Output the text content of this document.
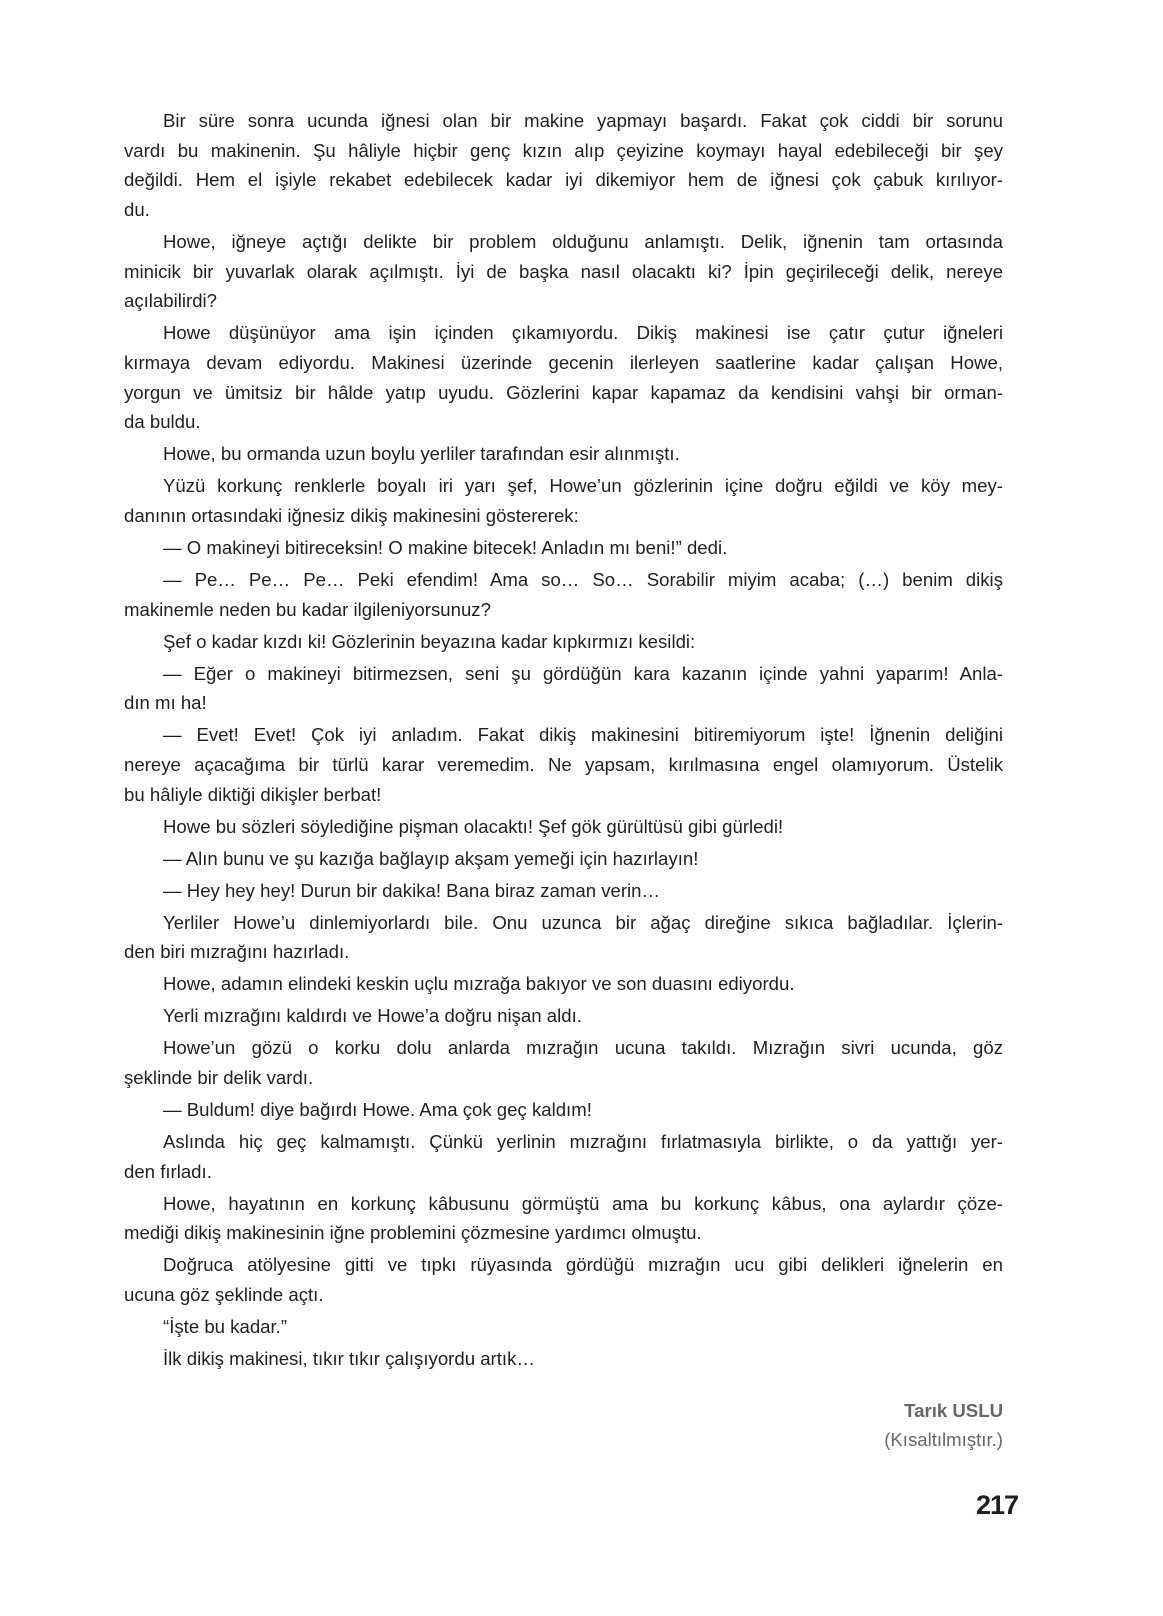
Bir süre sonra ucunda iğnesi olan bir makine yapmayı başardı. Fakat çok ciddi bir sorunu
vardı bu makinenin. Şu hâliyle hiçbir genç kızın alıp çeyizine koymayı hayal edebileceği bir şey
değildi. Hem el işiyle rekabet edebilecek kadar iyi dikemiyor hem de iğnesi çok çabuk kırılıyor-
du.
Howe, iğneye açtığı delikte bir problem olduğunu anlamıştı. Delik, iğnenin tam ortasında
minicik bir yuvarlak olarak açılmıştı. İyi de başka nasıl olacaktı ki? İpin geçirileceği delik, nereye
açılabilirdi?
Howe düşünüyor ama işin içinden çıkamıyordu. Dikiş makinesi ise çatır çutur iğneleri
kırmaya devam ediyordu. Makinesi üzerinde gecenin ilerleyen saatlerine kadar çalışan Howe,
yorgun ve ümitsiz bir hâlde yatıp uyudu. Gözlerini kapar kapamaz da kendisini vahşi bir orman-
da buldu.
Howe, bu ormanda uzun boylu yerliler tarafından esir alınmıştı.
Yüzü korkunç renklerle boyalı iri yarı şef, Howe’un gözlerinin içine doğru eğildi ve köy mey-
danının ortasındaki iğnesiz dikiş makinesini göstererek:
— O makineyi bitireceksin! O makine bitecek! Anladın mı beni!” dedi.
— Pe… Pe… Pe… Peki efendim! Ama so… So… Sorabilir miyim acaba; (…) benim dikiş
makinemle neden bu kadar ilgileniyorsunuz?
Şef o kadar kızdı ki! Gözlerinin beyazına kadar kıpkırmızı kesildi:
— Eğer o makineyi bitirmezsen, seni şu gördüğün kara kazanın içinde yahni yaparım! Anla-
dın mı ha!
— Evet! Evet! Çok iyi anladım. Fakat dikiş makinesini bitiremiyorum işte! İğnenin deliğini
nereye açacağıma bir türlü karar veremedim. Ne yapsam, kırılmasına engel olamıyorum. Üstelik
bu hâliyle diktiği dikişler berbat!
Howe bu sözleri söylediğine pişman olacaktı! Şef gök gürültüsü gibi gürledi!
— Alın bunu ve şu kazığa bağlayıp akşam yemeği için hazırlayın!
— Hey hey hey! Durun bir dakika! Bana biraz zaman verin…
Yerliler Howe’u dinlemiyorlardı bile. Onu uzunca bir ağaç direğine sıkıca bağladılar. İçlerin-
den biri mızrağını hazırladı.
Howe, adamın elindeki keskin uçlu mızrağa bakıyor ve son duasını ediyordu.
Yerli mızrağını kaldırdı ve Howe’a doğru nişan aldı.
Howe’un gözü o korku dolu anlarda mızrağın ucuna takıldı. Mızrağın sivri ucunda, göz
şeklinde bir delik vardı.
— Buldum! diye bağırdı Howe. Ama çok geç kaldım!
Aslında hiç geç kalmamıştı. Çünkü yerlinin mızrağını fırlatmasıyla birlikte, o da yattığı yer-
den fırladı.
Howe, hayatının en korkunç kâbusunu görmüştü ama bu korkunç kâbus, ona aylardır çöze-
mediği dikiş makinesinin iğne problemini çözmesine yardımcı olmuştu.
Doğruca atölyesine gitti ve tıpkı rüyasında gördüğü mızrağın ucu gibi delikleri iğnelerin en
ucuna göz şeklinde açtı.
“İşte bu kadar.”
İlk dikiş makinesi, tıkır tıkır çalışıyordu artık…
Tarık USLU
(Kısaltılmıştır.)
217
